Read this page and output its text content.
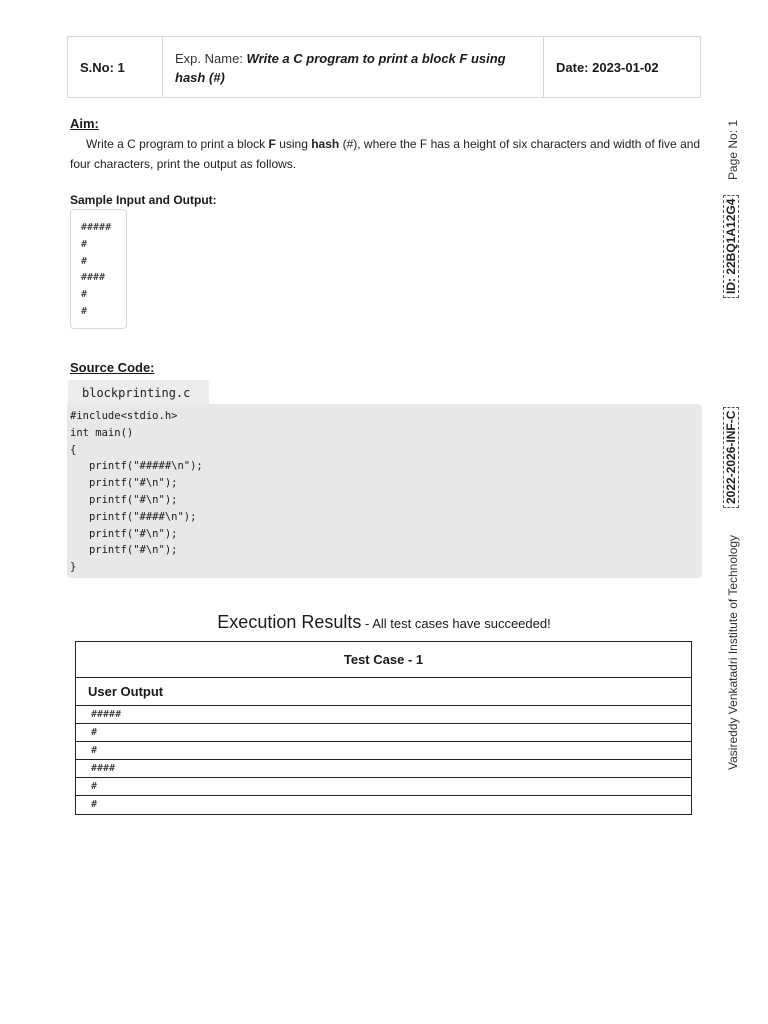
S.No: 1
Exp. Name: Write a C program to print a block F using hash (#)
Date: 2023-01-02
Aim:
Write a C program to print a block F using hash (#), where the F has a height of six characters and width of five and four characters, print the output as follows.
Sample Input and Output:
#####
#
#
####
#
#
Source Code:
blockprinting.c
#include<stdio.h>
int main()
{
printf("#####\n");
printf("#\n");
printf("#\n");
printf("####\n");
printf("#\n");
printf("#\n");
}
Execution Results - All test cases have succeeded!
Test Case - 1
User Output
#####
#
#
####
#
#
Page No: 1
ID: 22BQ1A12G4
2022-2026-INF-C
Vasireddy Venkatadri Institute of Technology
